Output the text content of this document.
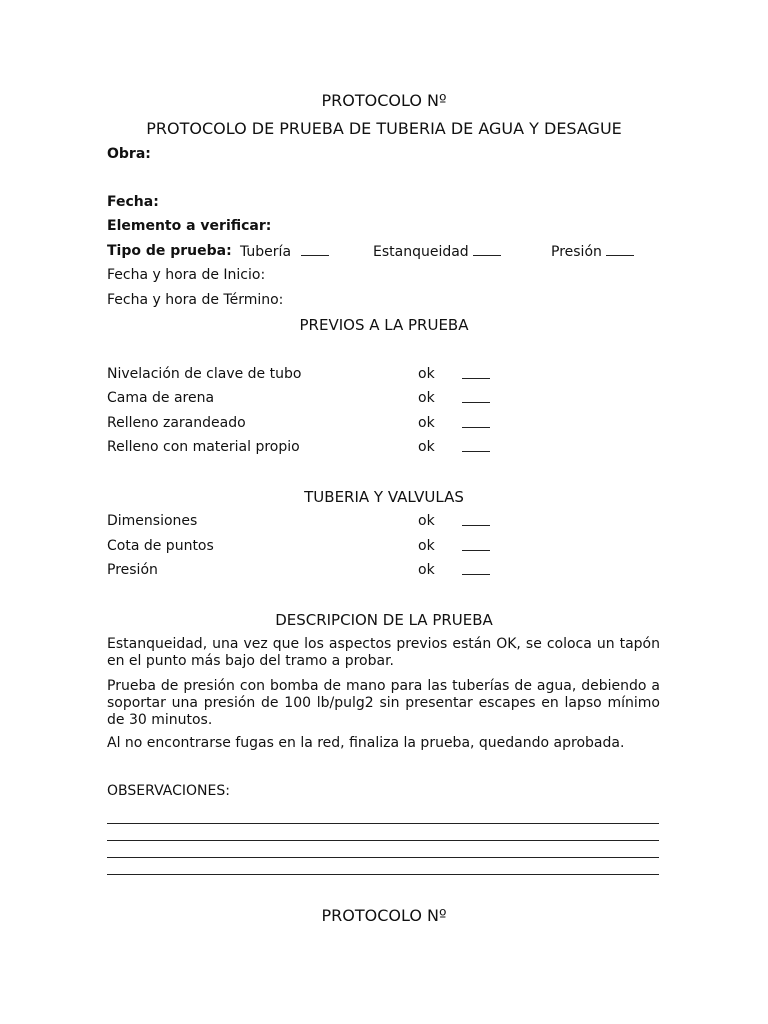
PROTOCOLO Nº
PROTOCOLO DE PRUEBA DE TUBERIA DE AGUA Y DESAGUE
Obra:
Fecha:
Elemento a verificar:
Tipo de prueba: Tubería	Estanqueidad	Presión
Fecha y hora de Inicio:
Fecha y hora de Término:
PREVIOS A LA PRUEBA
Nivelación de clave de tubo	ok
Cama de arena	ok
Relleno zarandeado	ok
Relleno con material propio	ok
TUBERIA Y VALVULAS
Dimensiones	ok
Cota de puntos	ok
Presión	ok
DESCRIPCION DE LA PRUEBA
Estanqueidad, una vez que los aspectos previos están OK, se coloca un tapón en el punto más bajo del tramo a probar.
Prueba de presión con bomba de mano para las tuberías de agua, debiendo a soportar una presión de 100 lb/pulg2 sin presentar escapes en lapso mínimo de 30 minutos.
Al no encontrarse fugas en la red, finaliza la prueba, quedando aprobada.
OBSERVACIONES:
PROTOCOLO Nº
